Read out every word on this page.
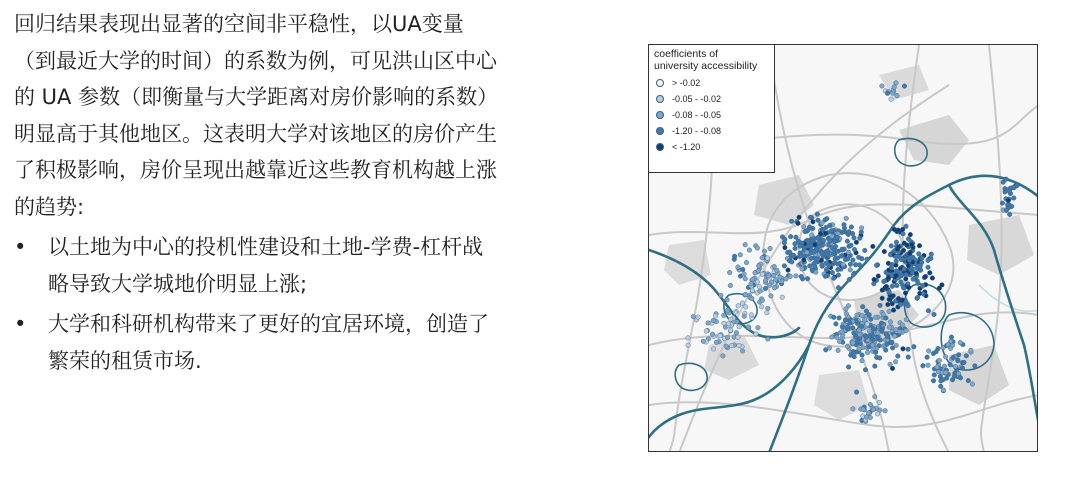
回归结果表现出显著的空间非平稳性，以UA变量
（到最近大学的时间）的系数为例，可见洪山区中心
的 UA 参数（即衡量与大学距离对房价影响的系数）
明显高于其他地区。这表明大学对该地区的房价产生
了积极影响，房价呈现出越靠近这些教育机构越上涨
的趋势:
•	以土地为中心的投机性建设和土地-学费-杠杆战
略导致大学城地价明显上涨;
•	大学和科研机构带来了更好的宜居环境，创造了
繁荣的租赁市场.
coefficients of
university accessibility
> -0.02
-0.05 - -0.02
-0.08 - -0.05
-1.20 - -0.08
< -1.20
